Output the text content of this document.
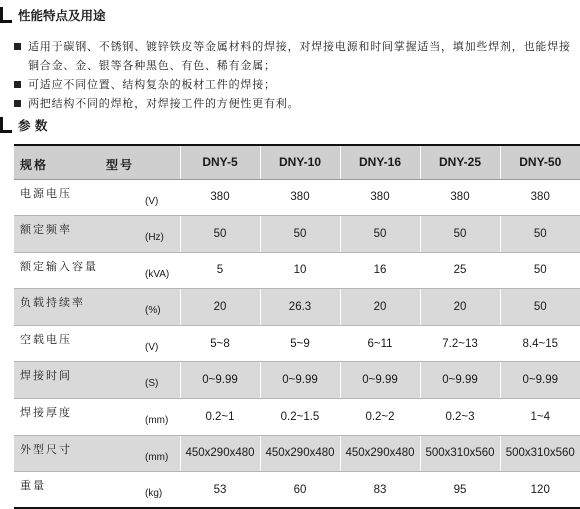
性能特点及用途
适用于碳钢、不锈钢、镀锌铁皮等金属材料的焊接，对焊接电源和时间掌握适当，填加些焊剂，也能焊接铜合金、金、银等各种黑色、有色、稀有金属；
可适应不同位置、结构复杂的板材工件的焊接；
两把结构不同的焊枪，对焊接工件的方便性更有利。
参 数
规格 型号	DNY-5	DNY-10	DNY-16	DNY-25	DNY-50

电源电压
(V)	380	380	380	380	380

额定频率
(Hz)	50	50	50	50	50

额定输入容量
(kVA)	5	10	16	25	50

负载持续率
(%)	20	26.3	20	20	50

空载电压
(V)	5~8	5~9	6~11	7.2~13	8.4~15

焊接时间
(S)	0~9.99	0~9.99	0~9.99	0~9.99	0~9.99

焊接厚度
(mm)	0.2~1	0.2~1.5	0.2~2	0.2~3	1~4

外型尺寸
(mm)	450x290x480	450x290x480	450x290x480	500x310x560	500x310x560

重量
(kg)	53	60	83	95	120
